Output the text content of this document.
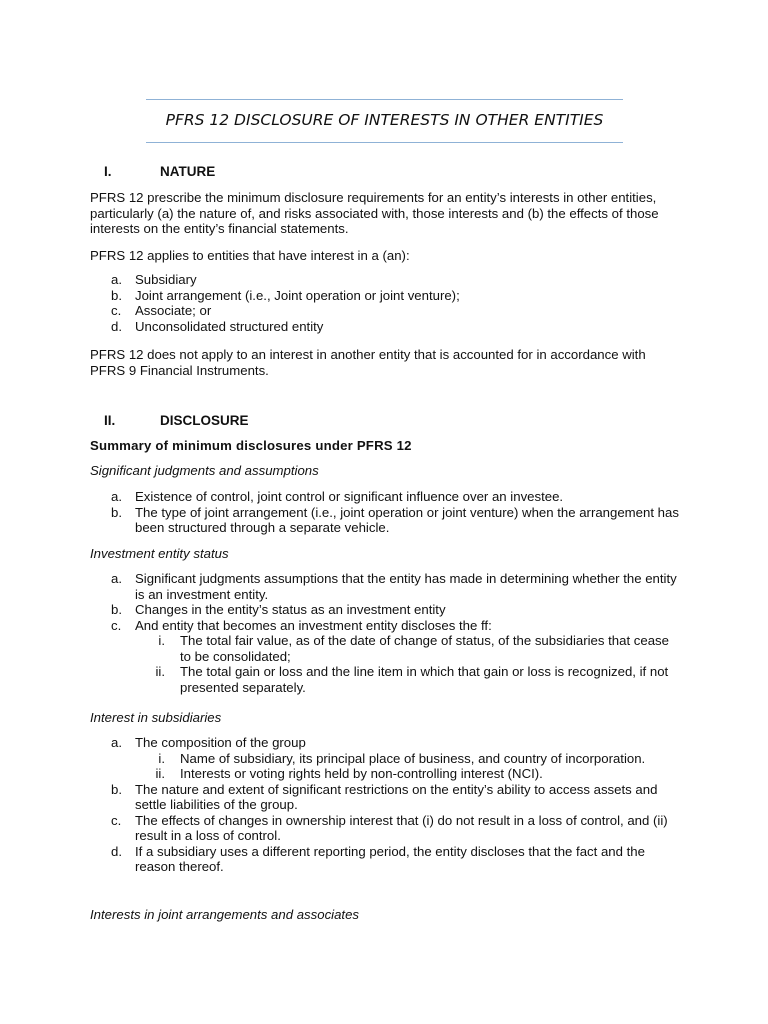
PFRS 12 DISCLOSURE OF INTERESTS IN OTHER ENTITIES
I.	NATURE
PFRS 12 prescribe the minimum disclosure requirements for an entity’s interests in other entities, particularly (a) the nature of, and risks associated with, those interests and (b) the effects of those interests on the entity’s financial statements.
PFRS 12 applies to entities that have interest in a (an):
a. Subsidiary
b. Joint arrangement (i.e., Joint operation or joint venture);
c. Associate; or
d. Unconsolidated structured entity
PFRS 12 does not apply to an interest in another entity that is accounted for in accordance with PFRS 9 Financial Instruments.
II.	DISCLOSURE
Summary of minimum disclosures under PFRS 12
Significant judgments and assumptions
a. Existence of control, joint control or significant influence over an investee.
b. The type of joint arrangement (i.e., joint operation or joint venture) when the arrangement has been structured through a separate vehicle.
Investment entity status
a. Significant judgments assumptions that the entity has made in determining whether the entity is an investment entity.
b. Changes in the entity’s status as an investment entity
c. And entity that becomes an investment entity discloses the ff:
i. The total fair value, as of the date of change of status, of the subsidiaries that cease to be consolidated;
ii. The total gain or loss and the line item in which that gain or loss is recognized, if not presented separately.
Interest in subsidiaries
a. The composition of the group
i. Name of subsidiary, its principal place of business, and country of incorporation.
ii. Interests or voting rights held by non-controlling interest (NCI).
b. The nature and extent of significant restrictions on the entity’s ability to access assets and settle liabilities of the group.
c. The effects of changes in ownership interest that (i) do not result in a loss of control, and (ii) result in a loss of control.
d. If a subsidiary uses a different reporting period, the entity discloses that the fact and the reason thereof.
Interests in joint arrangements and associates
